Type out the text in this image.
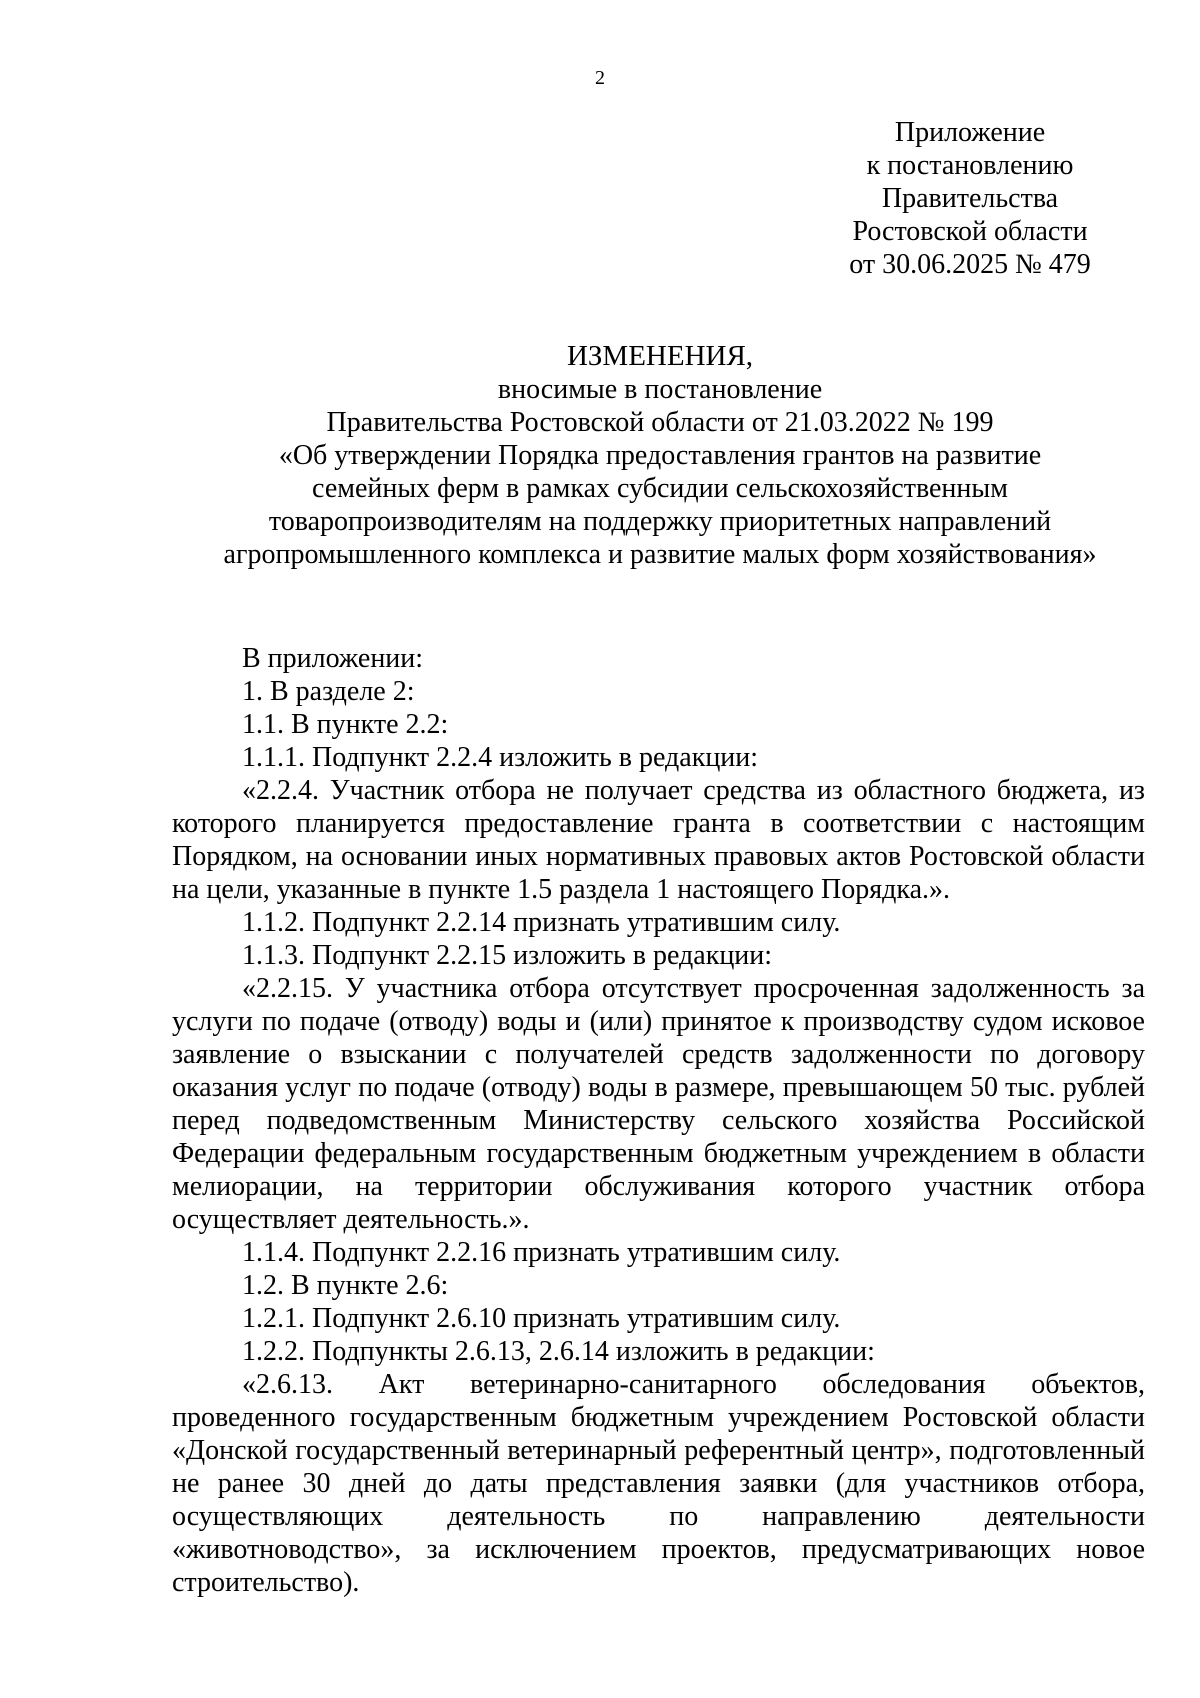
2
Приложение
к постановлению
Правительства
Ростовской области
от 30.06.2025 № 479
ИЗМЕНЕНИЯ,
вносимые в постановление
Правительства Ростовской области от 21.03.2022 № 199
«Об утверждении Порядка предоставления грантов на развитие
семейных ферм в рамках субсидии сельскохозяйственным
товаропроизводителям на поддержку приоритетных направлений
агропромышленного комплекса и развитие малых форм хозяйствования»

В приложении:

1. В разделе 2:

1.1. В пункте 2.2:

1.1.1. Подпункт 2.2.4 изложить в редакции:

«2.2.4. Участник отбора не получает средства из областного бюджета, из которого планируется предоставление гранта в соответствии с настоящим Порядком, на основании иных нормативных правовых актов Ростовской области на цели, указанные в пункте 1.5 раздела 1 настоящего Порядка.».

1.1.2. Подпункт 2.2.14 признать утратившим силу.

1.1.3. Подпункт 2.2.15 изложить в редакции:

«2.2.15. У участника отбора отсутствует просроченная задолженность за услуги по подаче (отводу) воды и (или) принятое к производству судом исковое заявление о взыскании с получателей средств задолженности по договору оказания услуг по подаче (отводу) воды в размере, превышающем 50 тыс. рублей перед подведомственным Министерству сельского хозяйства Российской Федерации федеральным государственным бюджетным учреждением в области мелиорации, на территории обслуживания которого участник отбора осуществляет деятельность.».

1.1.4. Подпункт 2.2.16 признать утратившим силу.

1.2. В пункте 2.6:

1.2.1. Подпункт 2.6.10 признать утратившим силу.

1.2.2. Подпункты 2.6.13, 2.6.14 изложить в редакции:

«2.6.13. Акт ветеринарно-санитарного обследования объектов, проведенного государственным бюджетным учреждением Ростовской области «Донской государственный ветеринарный референтный центр», подготовленный не ранее 30 дней до даты представления заявки (для участников отбора, осуществляющих деятельность по направлению деятельности «животноводство», за исключением проектов, предусматривающих новое строительство).
